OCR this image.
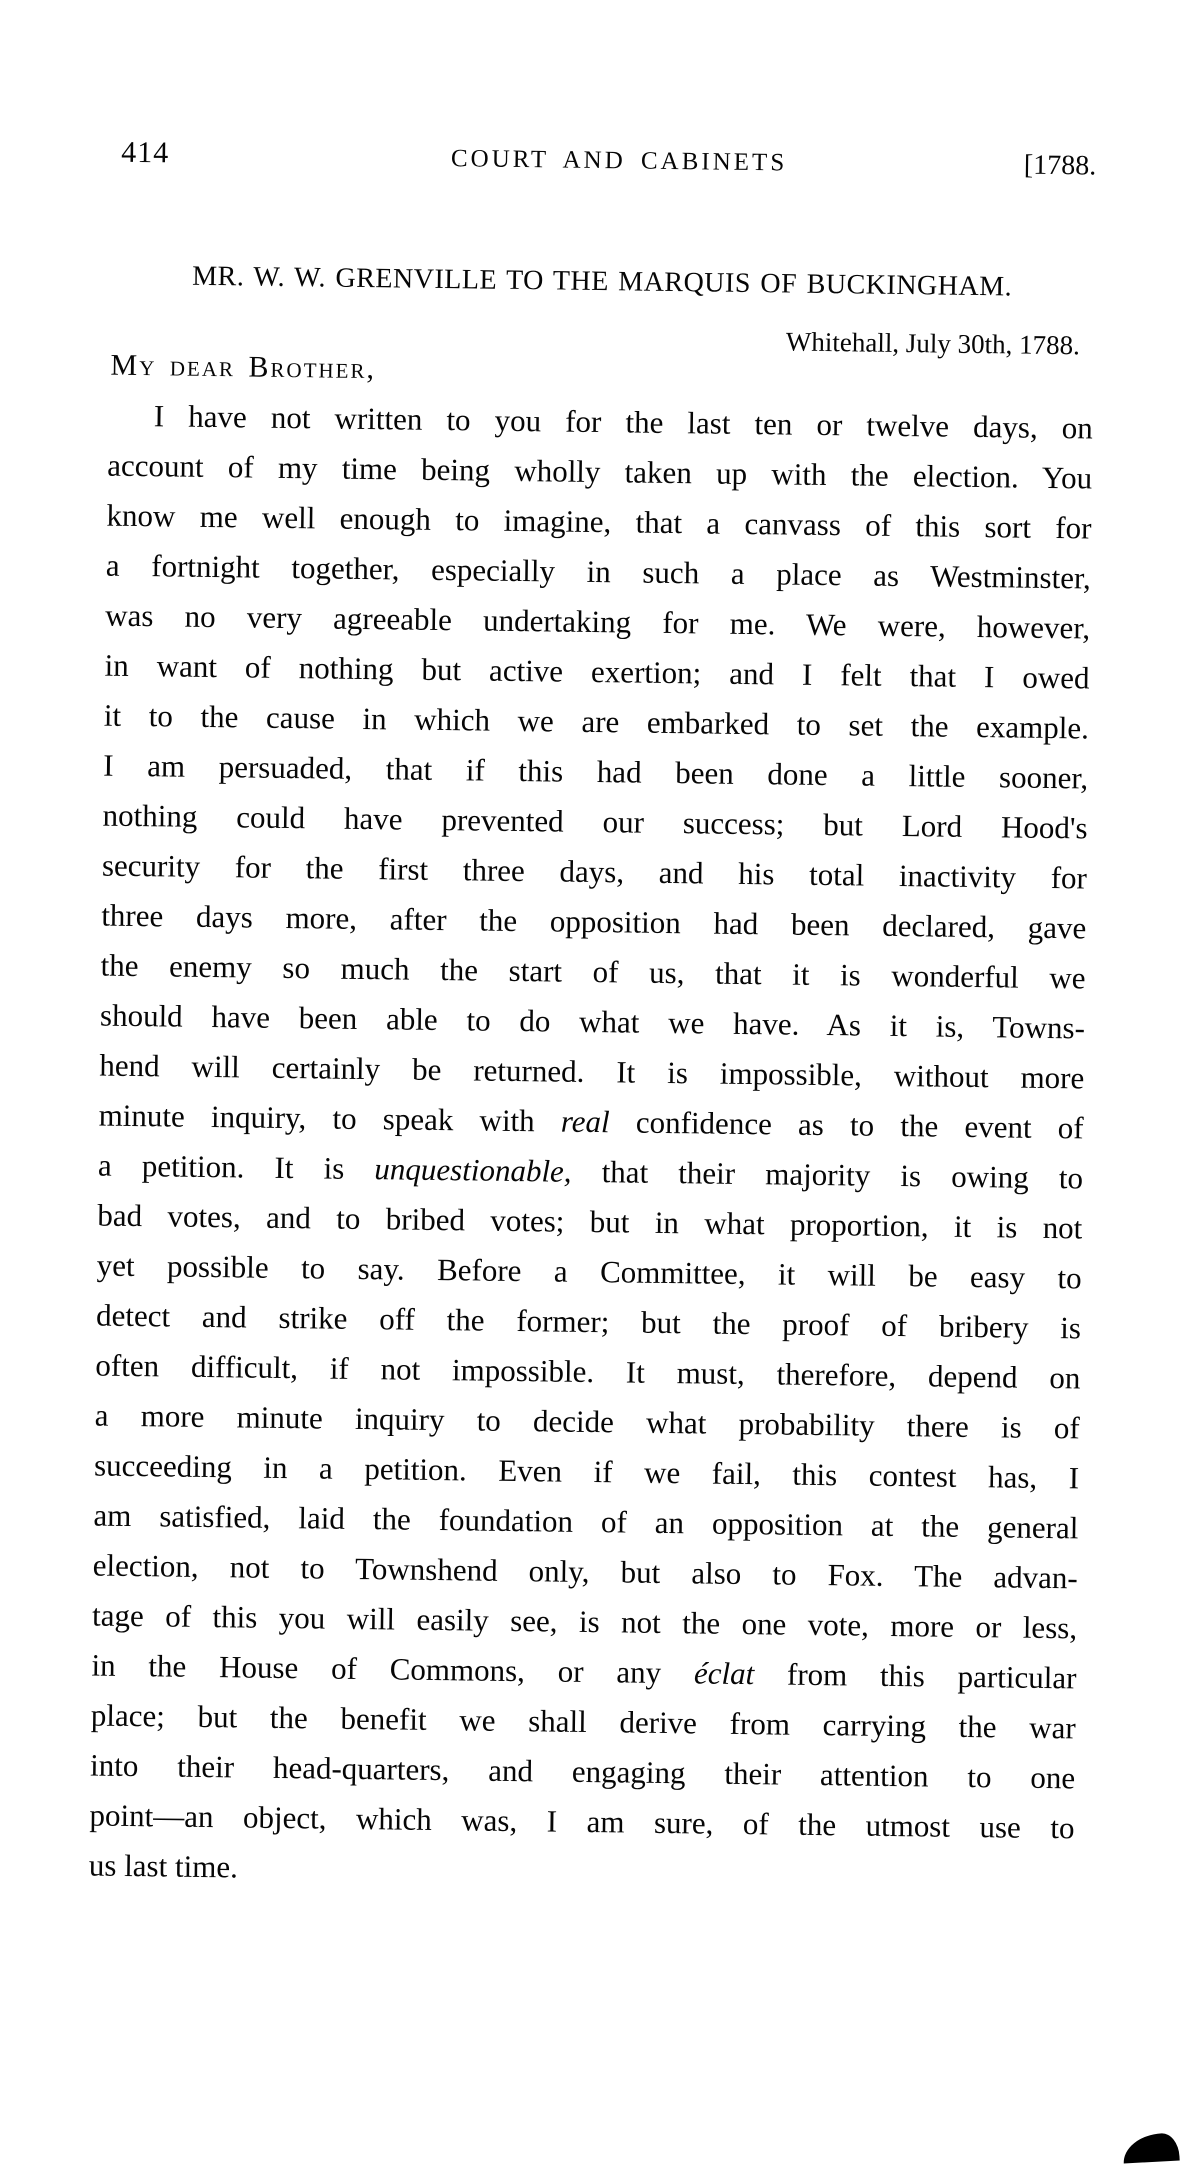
414	COURT AND CABINETS	[1788.
MR. W. W. GRENVILLE TO THE MARQUIS OF BUCKINGHAM.
Whitehall, July 30th, 1788.
My dear Brother,
I have not written to you for the last ten or twelve days, on
account of my time being wholly taken up with the election. You
know me well enough to imagine, that a canvass of this sort for
a fortnight together, especially in such a place as Westminster,
was no very agreeable undertaking for me. We were, however,
in want of nothing but active exertion; and I felt that I owed
it to the cause in which we are embarked to set the example.
I am persuaded, that if this had been done a little sooner,
nothing could have prevented our success; but Lord Hood's
security for the first three days, and his total inactivity for
three days more, after the opposition had been declared, gave
the enemy so much the start of us, that it is wonderful we
should have been able to do what we have. As it is, Towns-
hend will certainly be returned. It is impossible, without more
minute inquiry, to speak with real confidence as to the event of
a petition. It is unquestionable, that their majority is owing to
bad votes, and to bribed votes; but in what proportion, it is not
yet possible to say. Before a Committee, it will be easy to
detect and strike off the former; but the proof of bribery is
often difficult, if not impossible. It must, therefore, depend on
a more minute inquiry to decide what probability there is of
succeeding in a petition. Even if we fail, this contest has, I
am satisfied, laid the foundation of an opposition at the general
election, not to Townshend only, but also to Fox. The advan-
tage of this you will easily see, is not the one vote, more or less,
in the House of Commons, or any éclat from this particular
place; but the benefit we shall derive from carrying the war
into their head-quarters, and engaging their attention to one
point—an object, which was, I am sure, of the utmost use to
us last time.
